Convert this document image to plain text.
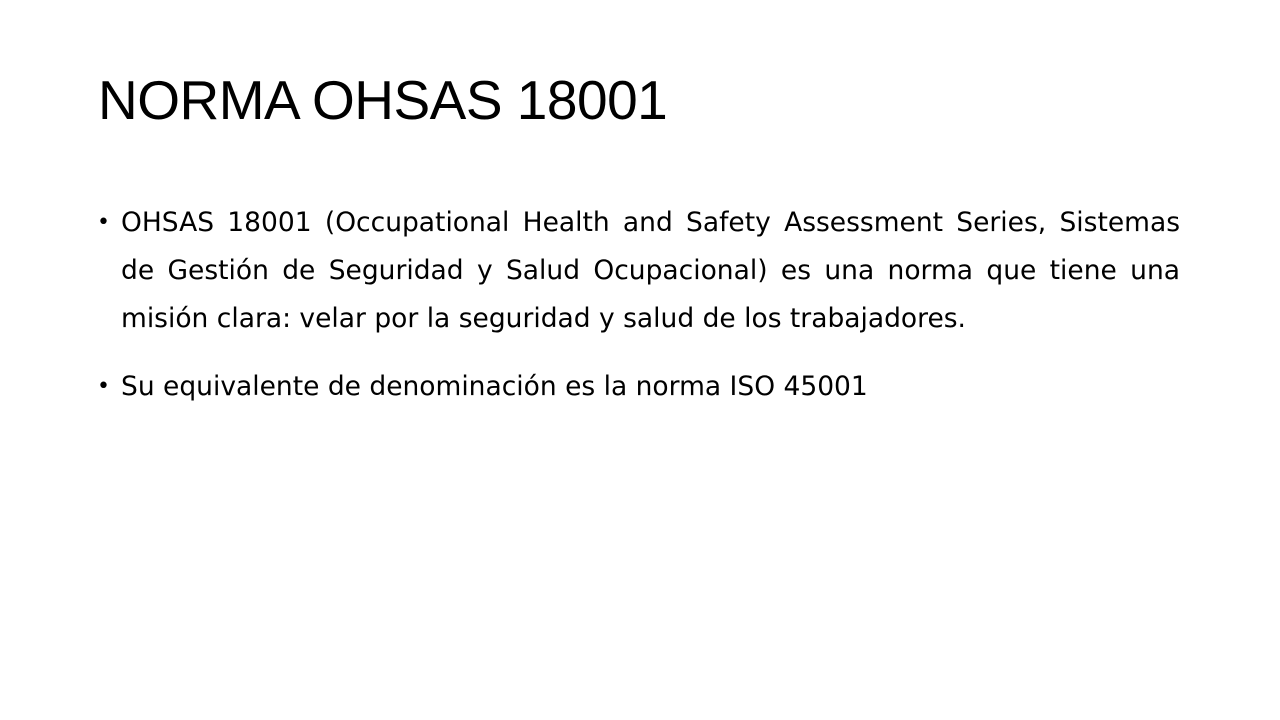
NORMA OHSAS 18001
• OHSAS 18001 (Occupational Health and Safety Assessment Series, Sistemas de Gestión de Seguridad y Salud Ocupacional) es una norma que tiene una misión clara: velar por la seguridad y salud de los trabajadores.
• Su equivalente de denominación es la norma ISO 45001
